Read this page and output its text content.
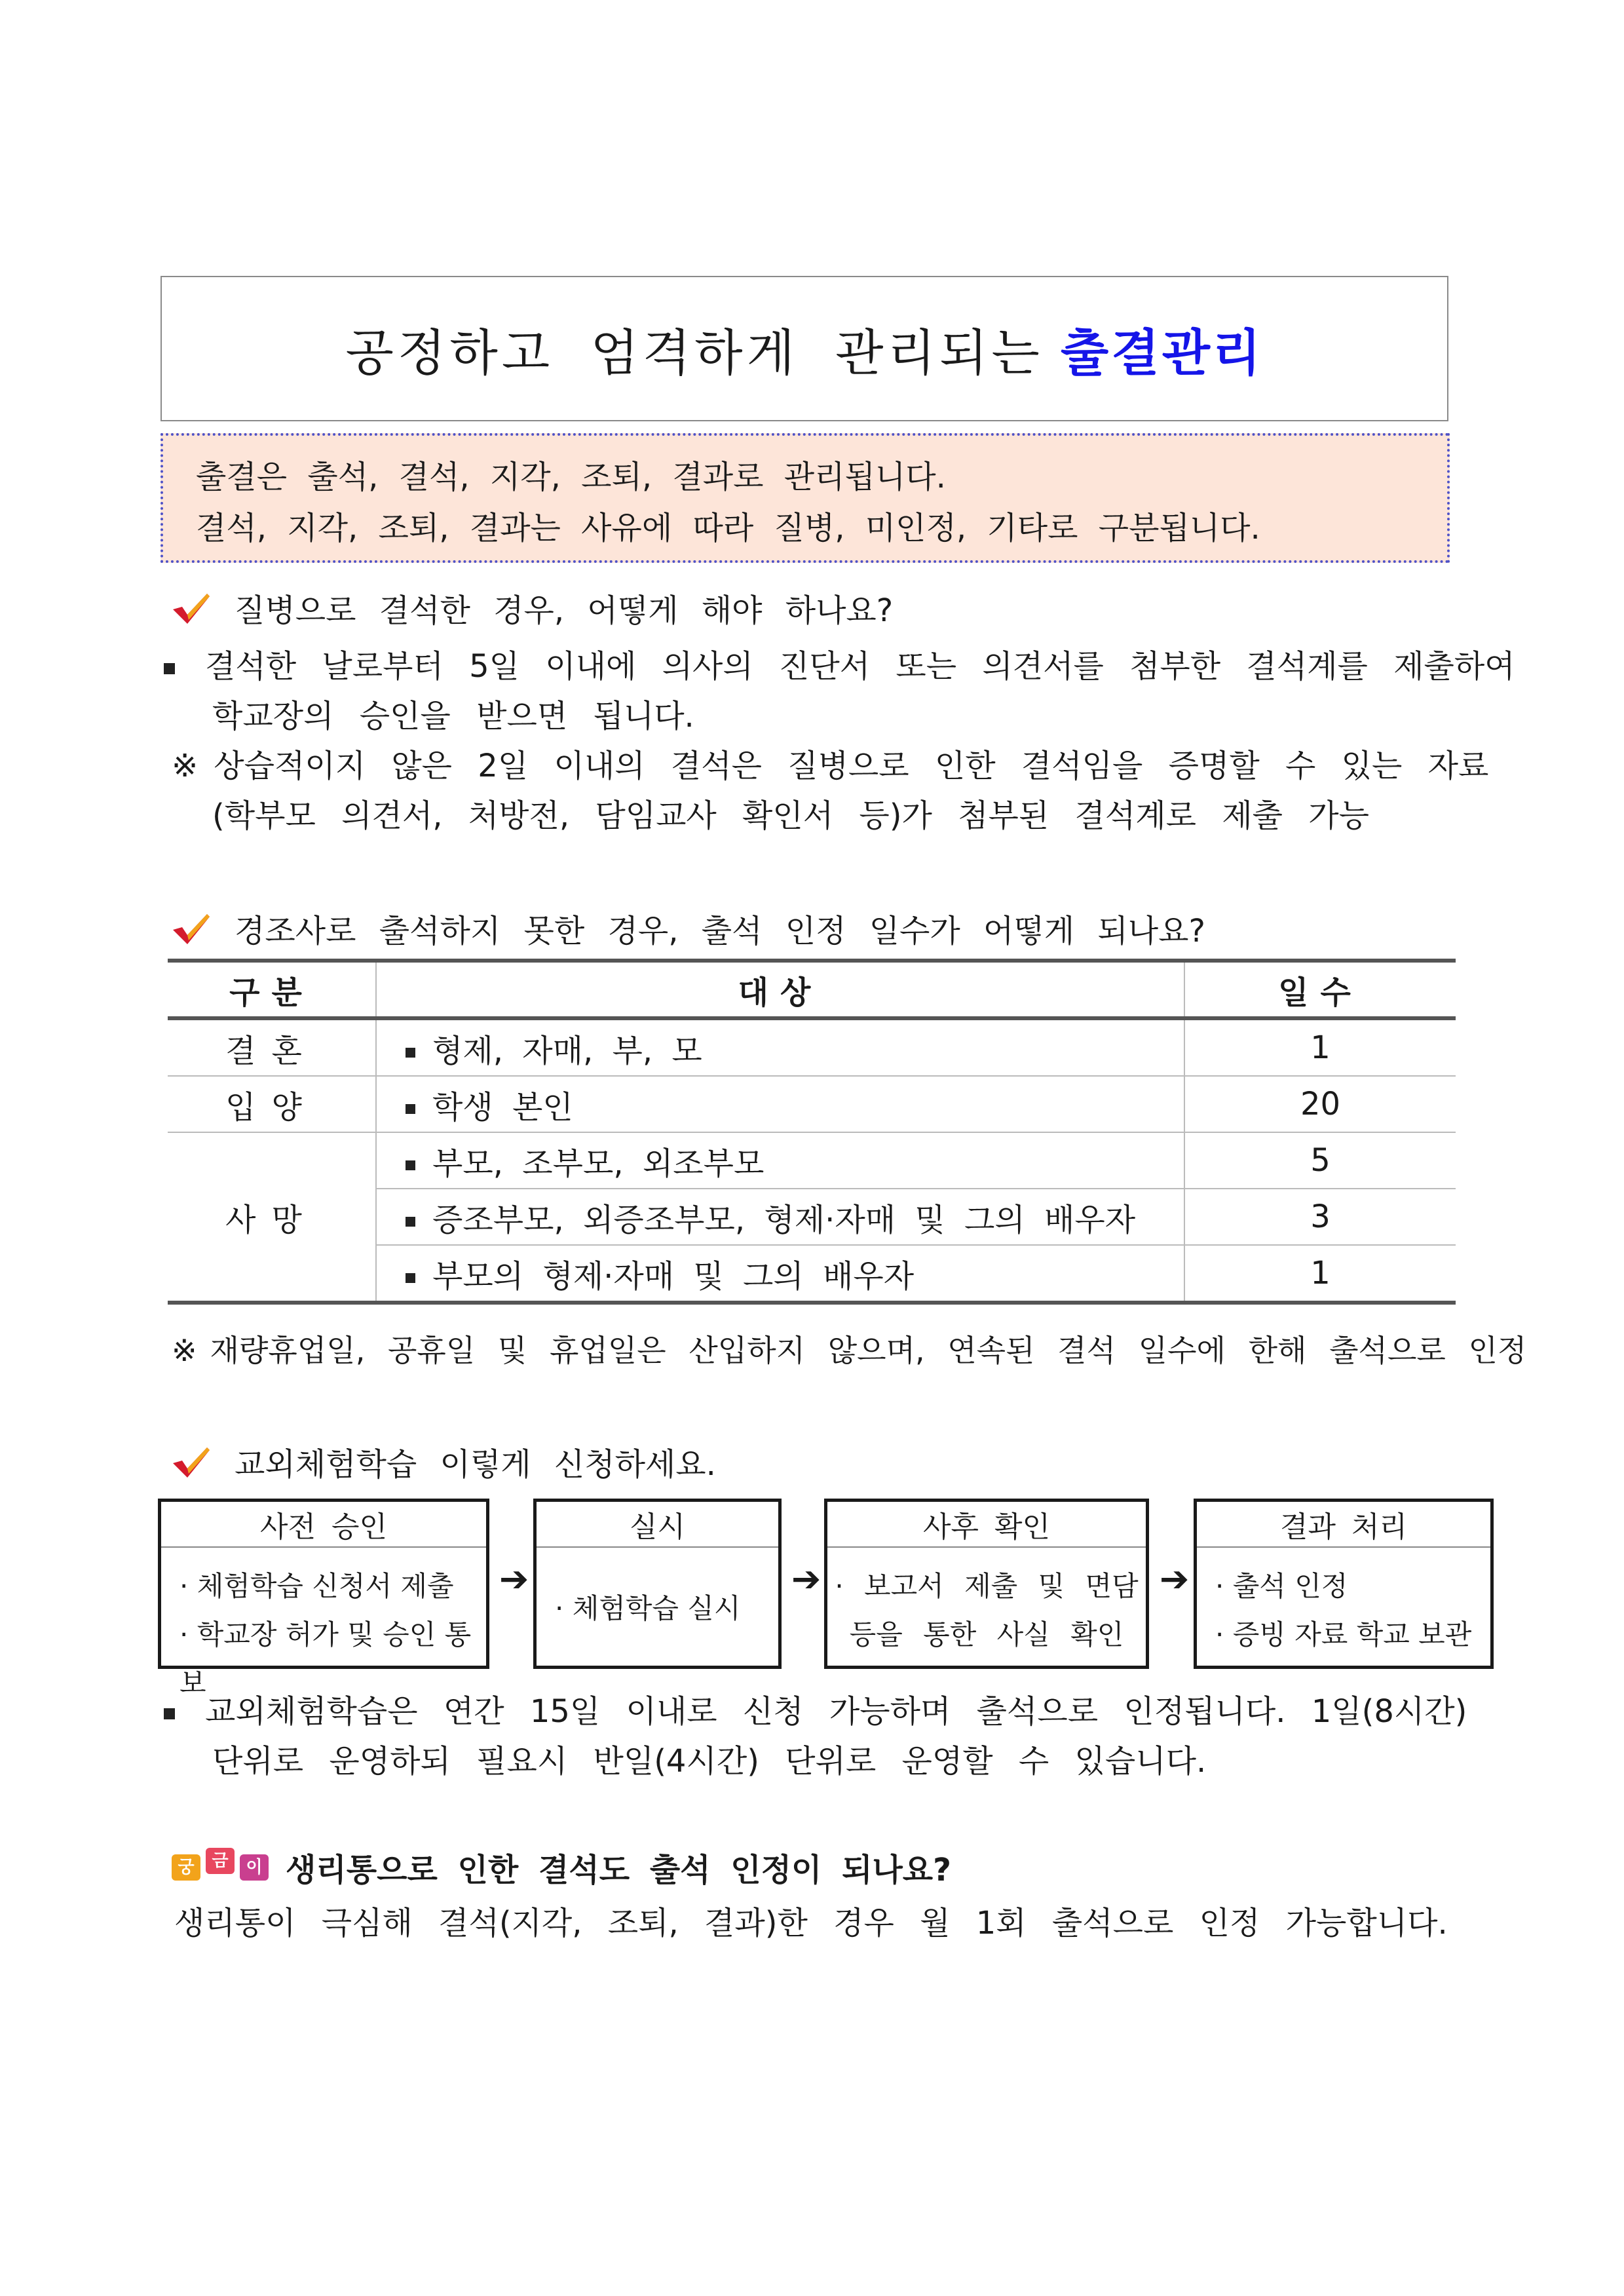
공정하고 엄격하게 관리되는 출결관리
출결은 출석, 결석, 지각, 조퇴, 결과로 관리됩니다.
결석, 지각, 조퇴, 결과는 사유에 따라 질병, 미인정, 기타로 구분됩니다.
질병으로 결석한 경우, 어떻게 해야 하나요?
결석한 날로부터 5일 이내에 의사의 진단서 또는 의견서를 첨부한 결석계를 제출하여
학교장의 승인을 받으면 됩니다.
※ 상습적이지 않은 2일 이내의 결석은 질병으로 인한 결석임을 증명할 수 있는 자료
(학부모 의견서, 처방전, 담임교사 확인서 등)가 첨부된 결석계로 제출 가능
경조사로 출석하지 못한 경우, 출석 인정 일수가 어떻게 되나요?
구분	대상	일수
결혼	형제, 자매, 부, 모	1
입양	학생 본인	20
사망	부모, 조부모, 외조부모	5
	증조부모, 외증조부모, 형제·자매 및 그의 배우자	3
	부모의 형제·자매 및 그의 배우자	1
※ 재량휴업일, 공휴일 및 휴업일은 산입하지 않으며, 연속된 결석 일수에 한해 출석으로 인정
교외체험학습 이렇게 신청하세요.
사전 승인
· 체험학습 신청서 제출
· 학교장 허가 및 승인 통보
➔
실시
· 체험학습 실시
➔
사후 확인
· 보고서 제출 및 면담
등을 통한 사실 확인
➔
결과 처리
· 출석 인정
· 증빙 자료 학교 보관
교외체험학습은 연간 15일 이내로 신청 가능하며 출석으로 인정됩니다. 1일(8시간)
단위로 운영하되 필요시 반일(4시간) 단위로 운영할 수 있습니다.
궁	금	이 생리통으로 인한 결석도 출석 인정이 되나요?
생리통이 극심해 결석(지각, 조퇴, 결과)한 경우 월 1회 출석으로 인정 가능합니다.
